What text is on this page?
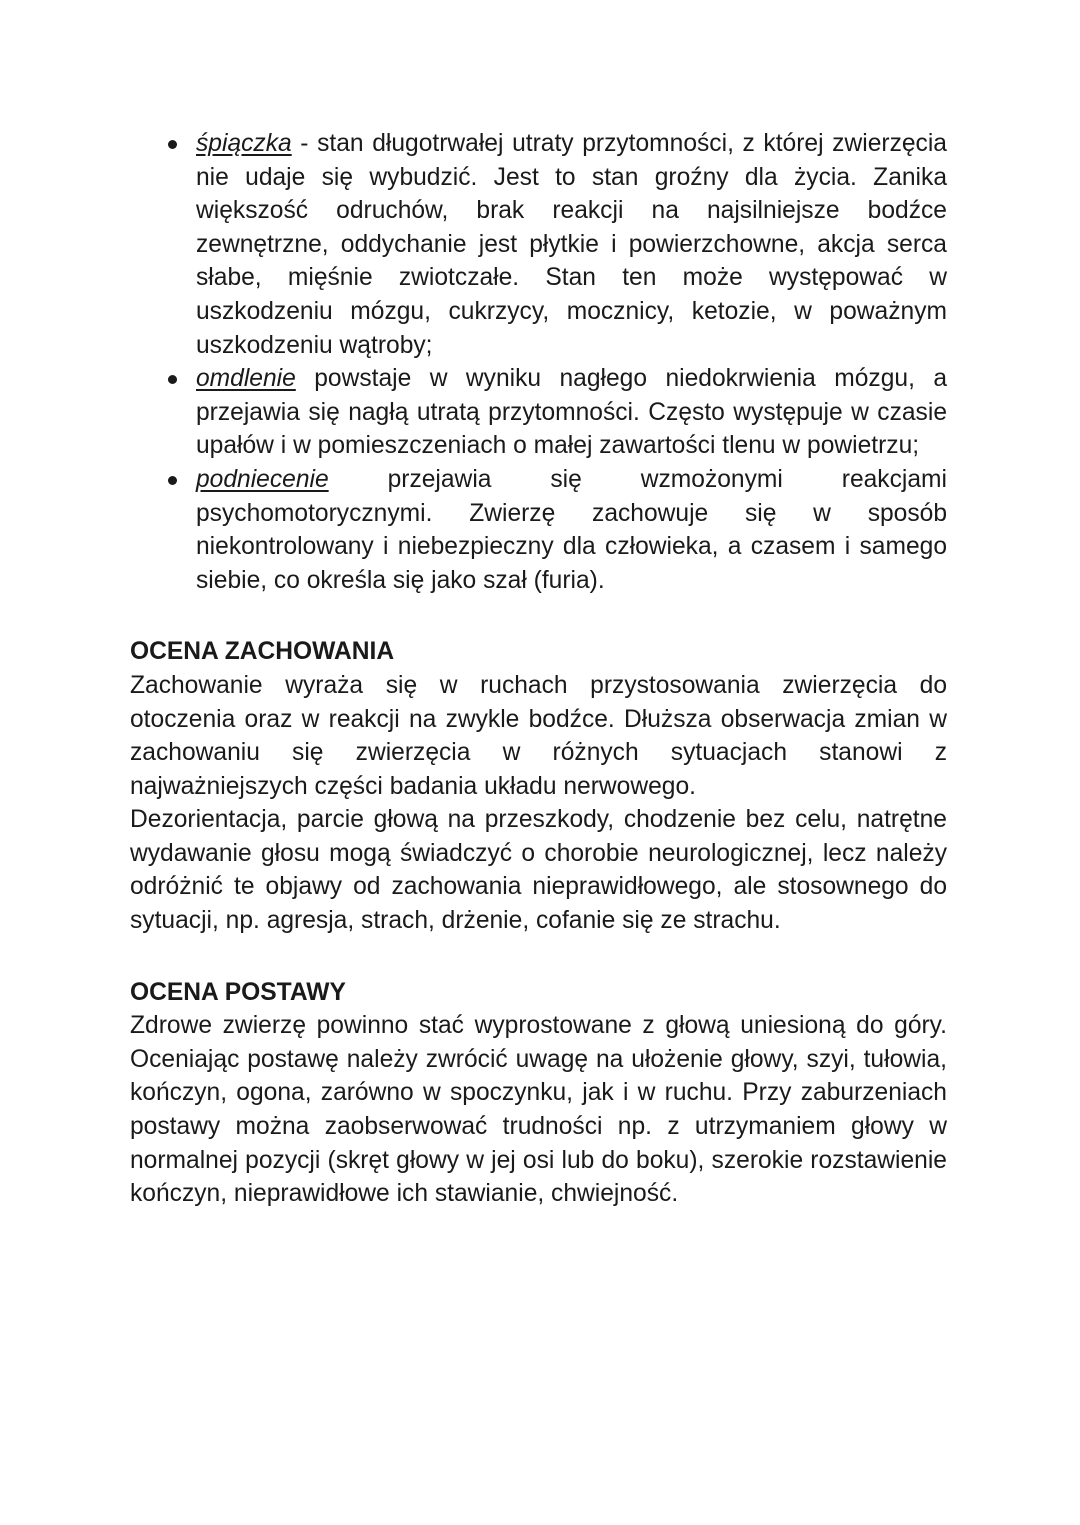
śpiączka - stan długotrwałej utraty przytomności, z której zwierzęcia nie udaje się wybudzić. Jest to stan groźny dla życia. Zanika większość odruchów, brak reakcji na najsilniejsze bodźce zewnętrzne, oddychanie jest płytkie i powierzchowne, akcja serca słabe, mięśnie zwiotczałe. Stan ten może występować w uszkodzeniu mózgu, cukrzycy, mocznicy, ketozie, w poważnym uszkodzeniu wątroby;
omdlenie powstaje w wyniku nagłego niedokrwienia mózgu, a przejawia się nagłą utratą przytomności. Często występuje w czasie upałów i w pomieszczeniach o małej zawartości tlenu w powietrzu;
podniecenie przejawia się wzmożonymi reakcjami psychomotorycznymi. Zwierzę zachowuje się w sposób niekontrolowany i niebezpieczny dla człowieka, a czasem i samego siebie, co określa się jako szał (furia).
OCENA ZACHOWANIA

Zachowanie wyraża się w ruchach przystosowania zwierzęcia do otoczenia oraz w reakcji na zwykle bodźce. Dłuższa obserwacja zmian w zachowaniu się zwierzęcia w różnych sytuacjach stanowi z najważniejszych części badania układu nerwowego.

Dezorientacja, parcie głową na przeszkody, chodzenie bez celu, natrętne wydawanie głosu mogą świadczyć o chorobie neurologicznej, lecz należy odróżnić te objawy od zachowania nieprawidłowego, ale stosownego do sytuacji, np. agresja, strach, drżenie, cofanie się ze strachu.

OCENA POSTAWY

Zdrowe zwierzę powinno stać wyprostowane z głową uniesioną do góry. Oceniając postawę należy zwrócić uwagę na ułożenie głowy, szyi, tułowia, kończyn, ogona, zarówno w spoczynku, jak i w ruchu. Przy zaburzeniach postawy można zaobserwować trudności np. z utrzymaniem głowy w normalnej pozycji (skręt głowy w jej osi lub do boku), szerokie rozstawienie kończyn, nieprawidłowe ich stawianie, chwiejność.
